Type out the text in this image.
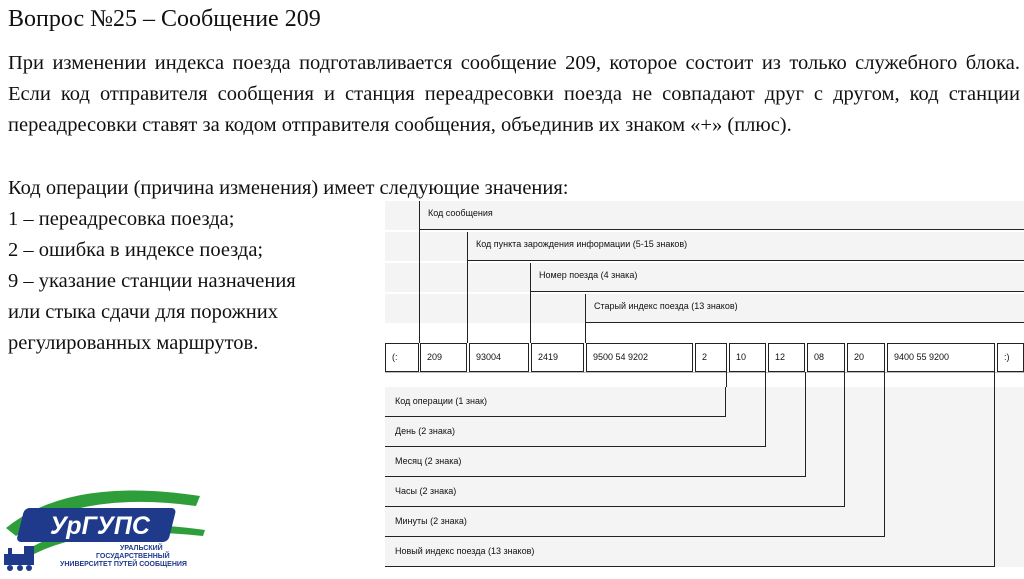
Вопрос №25 – Сообщение 209
При изменении индекса поезда подготавливается сообщение 209, которое состоит из только служебного блока. Если код отправителя сообщения и станция переадресовки поезда не совпадают друг с другом, код станции переадресовки ставят за кодом отправителя сообщения, объединив их знаком «+» (плюс).
Код операции (причина изменения) имеет следующие значения:
1 – переадресовка поезда;
2 – ошибка в индексе поезда;
9 – указание станции назначения
или стыка сдачи для порожних
регулированных маршрутов.
Код сообщения
Код пункта зарождения информации (5-15 знаков)
Номер поезда (4 знака)
Старый индекс поезда (13 знаков)
(:	209	93004	2419	9500 54 9202	2	10	12	08	20	9400 55 9200	:)
Код операции (1 знак)
День (2 знака)
Месяц (2 знака)
Часы (2 знака)
Минуты (2 знака)
Новый индекс поезда (13 знаков)
УрГУПС
УРАЛЬСКИЙ
ГОСУДАРСТВЕННЫЙ
УНИВЕРСИТЕТ ПУТЕЙ СООБЩЕНИЯ
